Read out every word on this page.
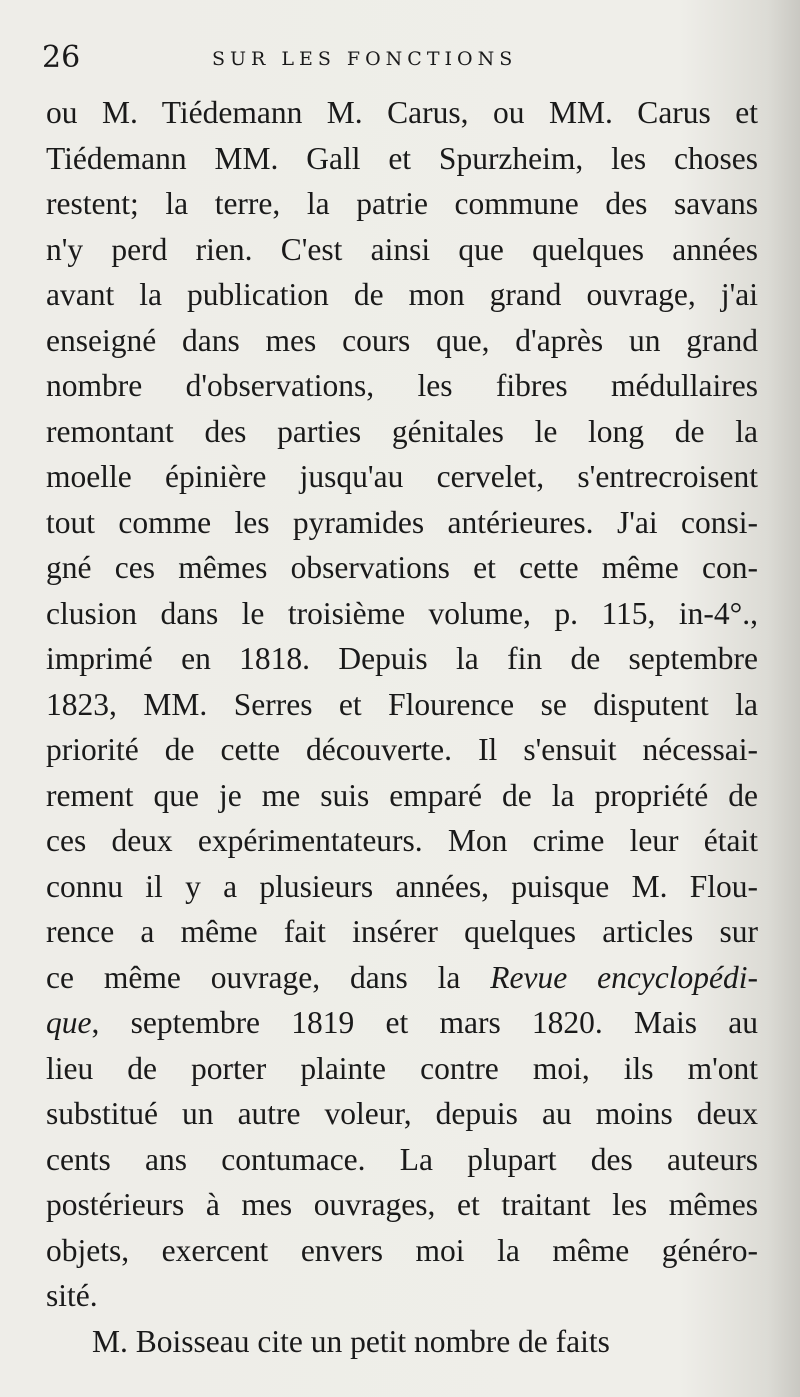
26	SUR LES FONCTIONS
ou M. Tiédemann M. Carus, ou MM. Carus et
Tiédemann MM. Gall et Spurzheim, les choses
restent; la terre, la patrie commune des savans
n'y perd rien. C'est ainsi que quelques années
avant la publication de mon grand ouvrage, j'ai
enseigné dans mes cours que, d'après un grand
nombre d'observations, les fibres médullaires
remontant des parties génitales le long de la
moelle épinière jusqu'au cervelet, s'entrecroisent
tout comme les pyramides antérieures. J'ai consi-
gné ces mêmes observations et cette même con-
clusion dans le troisième volume, p. 115, in-4°.,
imprimé en 1818. Depuis la fin de septembre
1823, MM. Serres et Flourence se disputent la
priorité de cette découverte. Il s'ensuit nécessai-
rement que je me suis emparé de la propriété de
ces deux expérimentateurs. Mon crime leur était
connu il y a plusieurs années, puisque M. Flou-
rence a même fait insérer quelques articles sur
ce même ouvrage, dans la Revue encyclopédi-
que, septembre 1819 et mars 1820. Mais au
lieu de porter plainte contre moi, ils m'ont
substitué un autre voleur, depuis au moins deux
cents ans contumace. La plupart des auteurs
postérieurs à mes ouvrages, et traitant les mêmes
objets, exercent envers moi la même généro-
sité.
M. Boisseau cite un petit nombre de faits
